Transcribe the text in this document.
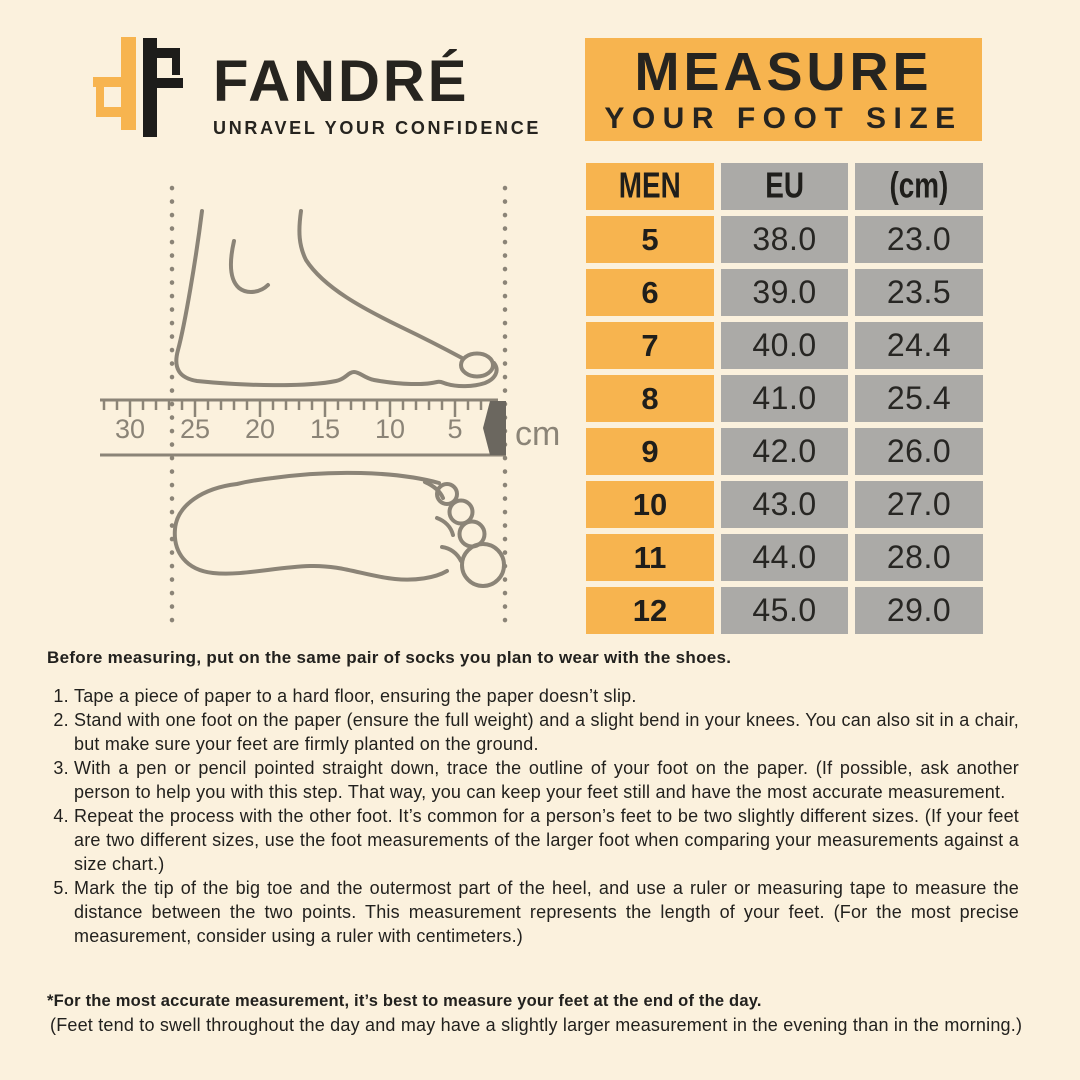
FANDRÉ
UNRAVEL YOUR CONFIDENCE
MEASURE
YOUR FOOT SIZE
30 25 20 15 10 5 cm
MEN EU	(cm)
5	38.0 23.0
6	39.0 23.5
7	40.0 24.4
8	41.0 25.4
9	42.0 26.0
10	43.0 27.0
11	44.0 28.0
12	45.0 29.0

Before measuring, put on the same pair of socks you plan to wear with the shoes.

1. Tape a piece of paper to a hard floor, ensuring the paper doesn’t slip.
2. Stand with one foot on the paper (ensure the full weight) and a slight bend in your knees. You can also sit in a chair, but make sure your feet are firmly planted on the ground.
3. With a pen or pencil pointed straight down, trace the outline of your foot on the paper. (If possible, ask another person to help you with this step. That way, you can keep your feet still and have the most accurate measurement.
4. Repeat the process with the other foot. It’s common for a person’s feet to be two slightly different sizes. (If your feet are two different sizes, use the foot measurements of the larger foot when comparing your measurements against a size chart.)
5. Mark the tip of the big toe and the outermost part of the heel, and use a ruler or measuring tape to measure the distance between the two points. This measurement represents the length of your feet. (For the most precise measurement, consider using a ruler with centimeters.)

*For the most accurate measurement, it’s best to measure your feet at the end of the day.

(Feet tend to swell throughout the day and may have a slightly larger measurement in the evening than in the morning.)
